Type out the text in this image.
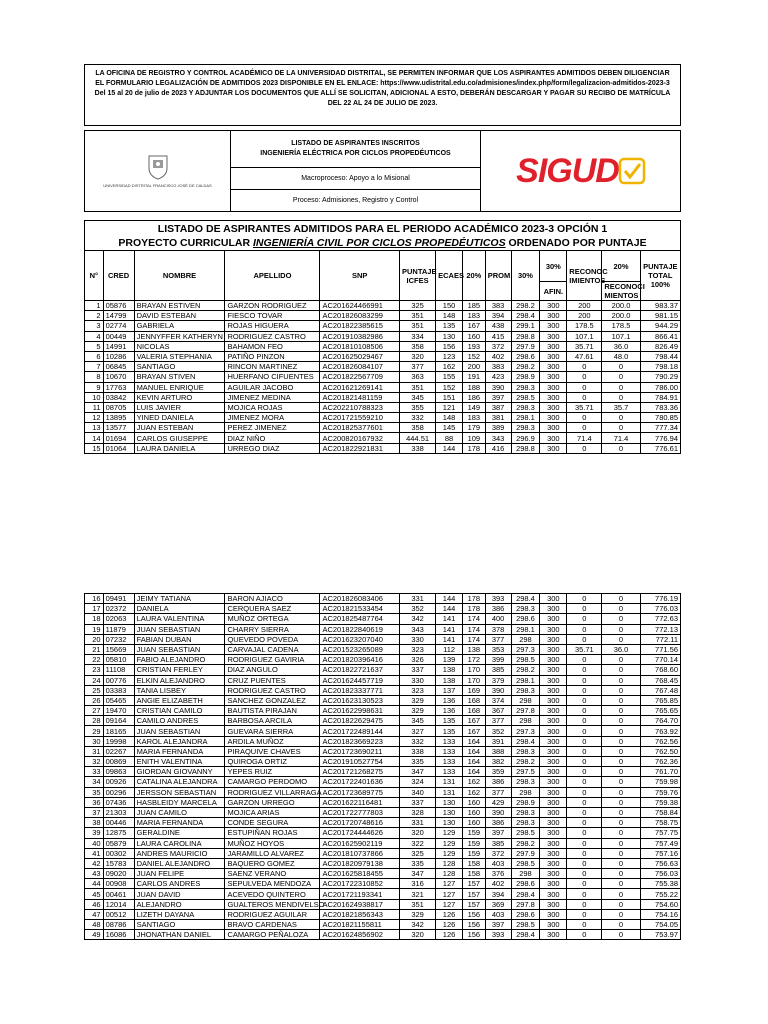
LA OFICINA DE REGISTRO Y CONTROL ACADÉMICO DE LA UNIVERSIDAD DISTRITAL, SE PERMITEN INFORMAR QUE LOS ASPIRANTES ADMITIDOS DEBEN DILIGENCIAR EL FORMULARIO LEGALIZACIÓN DE ADMITIDOS 2023 DISPONIBLE EN EL ENLACE: https://www.udistrital.edu.co/admisiones/index.php/form/legalizacion-admitidos-2023-3 Del 15 al 20 de julio de 2023 Y ADJUNTAR LOS DOCUMENTOS QUE ALLÍ SE SOLICITAN, ADICIONAL A ESTO, DEBERÁN DESCARGAR Y PAGAR SU RECIBO DE MATRÍCULA DEL 22 AL 24 DE JULIO DE 2023.
UNIVERSIDAD DISTRITAL FRANCISCO JOSÉ DE CALDAS
LISTADO DE ASPIRANTES INSCRITOS
INGENIERÍA ELÉCTRICA POR CICLOS PROPEDÉUTICOS
Macroproceso: Apoyo a lo Misional
Proceso: Admisiones, Registro y Control
SIGUD
LISTADO DE ASPIRANTES ADMITIDOS PARA EL PERIODO ACADÉMICO 2023-3 OPCIÓN 1
PROYECTO CURRICULAR INGENIERÍA CIVIL POR CICLOS PROPEDÉUTICOS ORDENADO POR PUNTAJE
N°	CRED	NOMBRE	APELLIDO	SNP	PUNTAJE ICFES	ECAES	20%	PROM	30%	30%	RECONOC IMIENTOS	20%	PUNTAJE TOTAL 100%
										AFIN.		RECONOCI MIENTOS	
1	05876	BRAYAN ESTIVEN	GARZON RODRIGUEZ	AC201624466991	325	150	185	383	298.2	300	200	200.0	983.37
2	14799	DAVID ESTEBAN	FIESCO TOVAR	AC201826083299	351	148	183	394	298.4	300	200	200.0	981.15
3	02774	GABRIELA	ROJAS HIGUERA	AC201822385615	351	135	167	438	299.1	300	178.5	178.5	944.29
4	00449	JENNYFFER KATHERYN	RODRIGUEZ CASTRO	AC201910382986	334	130	160	415	298.8	300	107.1	107.1	866.41
5	14991	NICOLAS	BAHAMON FEO	AC201810108506	358	156	193	372	297.9	300	35.71	36.0	826.49
6	10286	VALERIA STEPHANIA	PATIÑO PINZON	AC201625029467	320	123	152	402	298.6	300	47.61	48.0	798.44
7	06845	SANTIAGO	RINCON MARTINEZ	AC201826084107	377	162	200	383	298.2	300	0	0	798.18
8	10670	BRAYAN STIVEN	HUERFANO CIFUENTES	AC201822567709	363	155	191	423	298.9	300	0	0	790.29
9	17763	MANUEL ENRIQUE	AGUILAR JACOBO	AC201621269141	351	152	188	390	298.3	300	0	0	786.00
10	03842	KEVIN ARTURO	JIMENEZ MEDINA	AC201821481159	345	151	186	397	298.5	300	0	0	784.91
11	08705	LUIS JAVIER	MOJICA ROJAS	AC202210788323	355	121	149	387	298.3	300	35.71	35.7	783.36
12	13895	YINED DANIELA	JIMENEZ MORA	AC201721559210	332	148	183	381	298.1	300	0	0	780.85
13	13577	JUAN ESTEBAN	PEREZ JIMENEZ	AC201825377601	358	145	179	389	298.3	300	0	0	777.34
14	01694	CARLOS GIUSEPPE	DIAZ NIÑO	AC200820167932	444.51	88	109	343	296.9	300	71.4	71.4	776.94
15	01064	LAURA DANIELA	URREGO DIAZ	AC201822921831	338	144	178	416	298.8	300	0	0	776.61
16	09491	JEIMY TATIANA	BARON AJIACO	AC201826083406	331	144	178	393	298.4	300	0	0	776.19
17	02372	DANIELA	CERQUERA SAEZ	AC201821533454	352	144	178	386	298.3	300	0	0	776.03
18	02063	LAURA VALENTINA	MUÑOZ ORTEGA	AC201825487764	342	141	174	400	298.6	300	0	0	772.63
19	11879	JUAN SEBASTIAN	CHARRY SIERRA	AC201822840619	343	141	174	378	298.1	300	0	0	772.13
20	07232	FABIAN DUBAN	QUEVEDO POVEDA	AC201623207040	330	141	174	377	298	300	0	0	772.11
21	15669	JUAN SEBASTIAN	CARVAJAL CADENA	AC201523265089	323	112	138	353	297.3	300	35.71	36.0	771.56
22	05810	FABIO ALEJANDRO	RODRIGUEZ GAVIRIA	AC201820396416	326	139	172	399	298.5	300	0	0	770.14
23	11108	CRISTIAN FERLEY	DIAZ ANGULO	AC201822721637	337	138	170	385	298.2	300	0	0	768.60
24	00776	ELKIN ALEJANDRO	CRUZ PUENTES	AC201624457719	330	138	170	379	298.1	300	0	0	768.45
25	03383	TANIA LISBEY	RODRIGUEZ CASTRO	AC201823337771	323	137	169	390	298.3	300	0	0	767.48
26	05465	ANGIE ELIZABETH	SANCHEZ GONZALEZ	AC201623130523	329	136	168	374	298	300	0	0	765.85
27	19470	CRISTIAN CAMILO	BAUTISTA PIRAJAN	AC201622998631	329	136	168	367	297.8	300	0	0	765.65
28	09164	CAMILO ANDRES	BARBOSA ARCILA	AC201822629475	345	135	167	377	298	300	0	0	764.70
29	18165	JUAN SEBASTIAN	GUEVARA SIERRA	AC201722489144	327	135	167	352	297.3	300	0	0	763.92
30	19998	KAROL ALEJANDRA	ARDILA MUÑOZ	AC201823669223	332	133	164	391	298.4	300	0	0	762.56
31	02267	MARIA FERNANDA	PIRAQUIVE CHAVES	AC201723690211	338	133	164	388	298.3	300	0	0	762.50
32	00869	ENITH VALENTINA	QUIROGA ORTIZ	AC201910527754	335	133	164	382	298.2	300	0	0	762.36
33	09863	GIORDAN GIOVANNY	YEPES RUIZ	AC201721268275	347	133	164	359	297.5	300	0	0	761.70
34	00926	CATALINA ALEJANDRA	CAMARGO PERDOMO	AC201722401636	324	131	162	386	298.3	300	0	0	759.98
35	00296	JERSSON SEBASTIAN	RODRIGUEZ VILLARRAGA	AC201723689775	340	131	162	377	298	300	0	0	759.76
36	07436	HASBLEIDY MARCELA	GARZON URREGO	AC201622116481	337	130	160	429	298.9	300	0	0	759.38
37	21303	JUAN CAMILO	MOJICA ARIAS	AC201722777803	328	130	160	390	298.3	300	0	0	758.84
38	00446	MARIA FERNANDA	CONDE SEGURA	AC201720748616	331	130	160	386	298.3	300	0	0	758.75
39	12875	GERALDINE	ESTUPIÑAN ROJAS	AC201724444626	320	129	159	397	298.5	300	0	0	757.75
40	05879	LAURA CAROLINA	MUÑOZ HOYOS	AC201625902119	322	129	159	385	298.2	300	0	0	757.49
41	00302	ANDRES MAURICIO	JARAMILLO ALVAREZ	AC201810737866	325	129	159	372	297.9	300	0	0	757.16
42	15783	DANIEL ALEJANDRO	BAQUERO GOMEZ	AC201820979138	335	128	158	403	298.5	300	0	0	756.63
43	09020	JUAN FELIPE	SAENZ VERANO	AC201625818455	347	128	158	376	298	300	0	0	756.03
44	00908	CARLOS ANDRES	SEPULVEDA MENDOZA	AC201722310852	316	127	157	402	298.6	300	0	0	755.38
45	00461	JUAN DAVID	ACEVEDO QUINTERO	AC201721193341	321	127	157	394	298.4	300	0	0	755.22
46	12014	ALEJANDRO	GUALTEROS MENDIVELSO	AC201624938817	351	127	157	369	297.8	300	0	0	754.60
47	00512	LIZETH DAYANA	RODRIGUEZ AGUILAR	AC201821856343	329	126	156	403	298.6	300	0	0	754.16
48	08786	SANTIAGO	BRAVO CARDENAS	AC201821155811	342	126	156	397	298.5	300	0	0	754.05
49	16086	JHONATHAN DANIEL	CAMARGO PEÑALOZA	AC201624856902	320	126	156	393	298.4	300	0	0	753.97
